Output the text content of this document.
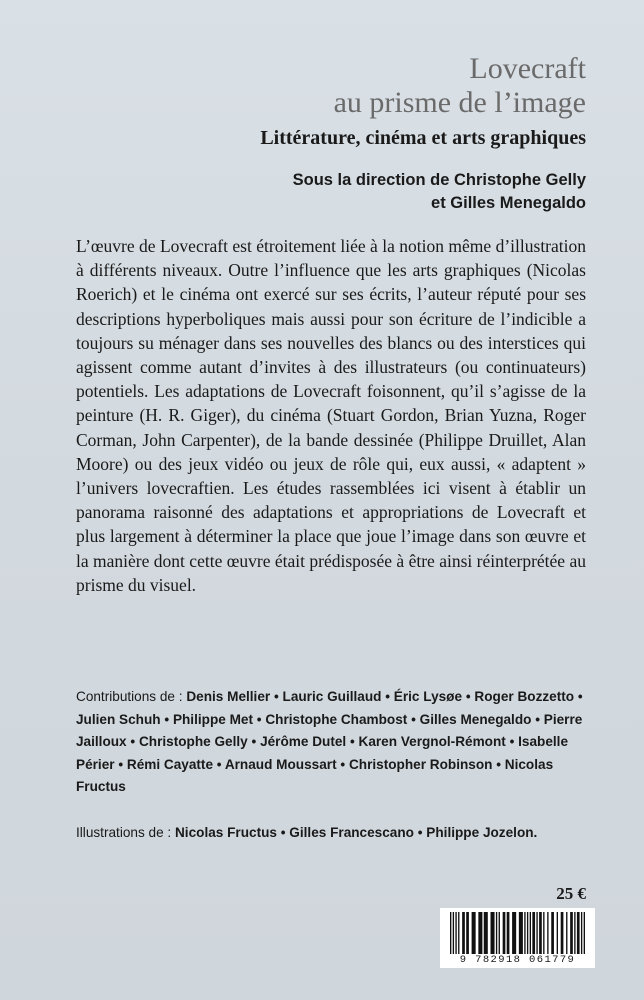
Lovecraft
au prisme de l’image
Littérature, cinéma et arts graphiques
Sous la direction de Christophe Gelly
et Gilles Menegaldo

L’œuvre de Lovecraft est étroitement liée à la notion même d’illustration à différents niveaux. Outre l’influence que les arts graphiques (Nicolas Roerich) et le cinéma ont exercé sur ses écrits, l’auteur réputé pour ses descriptions hyperboliques mais aussi pour son écriture de l’indicible a toujours su ménager dans ses nouvelles des blancs ou des interstices qui agissent comme autant d’invites à des illustrateurs (ou continuateurs) potentiels. Les adaptations de Lovecraft foisonnent, qu’il s’agisse de la peinture (H. R. Giger), du cinéma (Stuart Gordon, Brian Yuzna, Roger Corman, John Carpenter), de la bande dessinée (Philippe Druillet, Alan Moore) ou des jeux vidéo ou jeux de rôle qui, eux aussi, « adaptent » l’univers lovecraftien. Les études rassemblées ici visent à établir un panorama raisonné des adaptations et appropriations de Lovecraft et plus largement à déterminer la place que joue l’image dans son œuvre et la manière dont cette œuvre était prédisposée à être ainsi réinterprétée au prisme du visuel.

Contributions de : Denis Mellier • Lauric Guillaud • Éric Lysøe • Roger Bozzetto • Julien Schuh • Philippe Met • Christophe Chambost • Gilles Menegaldo • Pierre Jailloux • Christophe Gelly • Jérôme Dutel • Karen Vergnol-Rémont • Isabelle Périer • Rémi Cayatte • Arnaud Moussart • Christopher Robinson • Nicolas Fructus

Illustrations de : Nicolas Fructus • Gilles Francescano • Philippe Jozelon.

25 €
9 782918 061779
